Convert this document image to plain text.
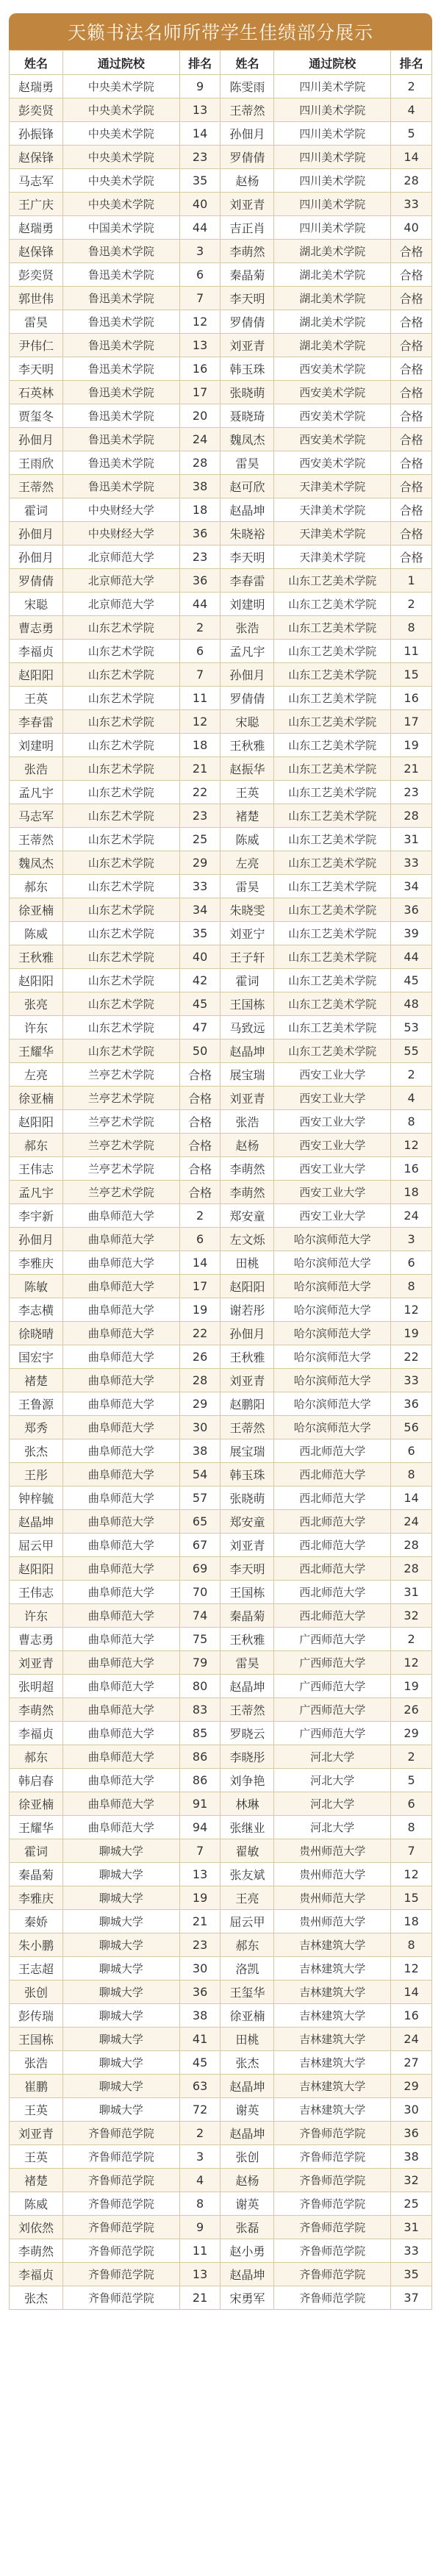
天籁书法名师所带学生佳绩部分展示
姓名	通过院校	排名	姓名	通过院校	排名
赵瑞勇	中央美术学院	9	陈雯雨	四川美术学院	2
彭奕贤	中央美术学院	13	王蒂然	四川美术学院	4
孙振锋	中央美术学院	14	孙佃月	四川美术学院	5
赵保锋	中央美术学院	23	罗倩倩	四川美术学院	14
马志军	中央美术学院	35	赵杨	四川美术学院	28
王广庆	中央美术学院	40	刘亚青	四川美术学院	33
赵瑞勇	中国美术学院	44	吉正肖	四川美术学院	40
赵保锋	鲁迅美术学院	3	李萌然	湖北美术学院	合格
彭奕贤	鲁迅美术学院	6	秦晶菊	湖北美术学院	合格
郭世伟	鲁迅美术学院	7	李天明	湖北美术学院	合格
雷昊	鲁迅美术学院	12	罗倩倩	湖北美术学院	合格
尹伟仁	鲁迅美术学院	13	刘亚青	湖北美术学院	合格
李天明	鲁迅美术学院	16	韩玉珠	西安美术学院	合格
石英林	鲁迅美术学院	17	张晓萌	西安美术学院	合格
贾玺冬	鲁迅美术学院	20	聂晓琦	西安美术学院	合格
孙佃月	鲁迅美术学院	24	魏凤杰	西安美术学院	合格
王雨欣	鲁迅美术学院	28	雷昊	西安美术学院	合格
王蒂然	鲁迅美术学院	38	赵可欣	天津美术学院	合格
霍词	中央财经大学	18	赵晶坤	天津美术学院	合格
孙佃月	中央财经大学	36	朱晓裕	天津美术学院	合格
孙佃月	北京师范大学	23	李天明	天津美术学院	合格
罗倩倩	北京师范大学	36	李春雷	山东工艺美术学院	1
宋聪	北京师范大学	44	刘建明	山东工艺美术学院	2
曹志勇	山东艺术学院	2	张浩	山东工艺美术学院	8
李福贞	山东艺术学院	6	孟凡宇	山东工艺美术学院	11
赵阳阳	山东艺术学院	7	孙佃月	山东工艺美术学院	15
王英	山东艺术学院	11	罗倩倩	山东工艺美术学院	16
李春雷	山东艺术学院	12	宋聪	山东工艺美术学院	17
刘建明	山东艺术学院	18	王秋雅	山东工艺美术学院	19
张浩	山东艺术学院	21	赵振华	山东工艺美术学院	21
孟凡宇	山东艺术学院	22	王英	山东工艺美术学院	23
马志军	山东艺术学院	23	褚楚	山东工艺美术学院	28
王蒂然	山东艺术学院	25	陈威	山东工艺美术学院	31
魏凤杰	山东艺术学院	29	左亮	山东工艺美术学院	33
郝东	山东艺术学院	33	雷昊	山东工艺美术学院	34
徐亚楠	山东艺术学院	34	朱晓雯	山东工艺美术学院	36
陈威	山东艺术学院	35	刘亚宁	山东工艺美术学院	39
王秋雅	山东艺术学院	40	王子轩	山东工艺美术学院	44
赵阳阳	山东艺术学院	42	霍词	山东工艺美术学院	45
张亮	山东艺术学院	45	王国栋	山东工艺美术学院	48
许东	山东艺术学院	47	马致远	山东工艺美术学院	53
王耀华	山东艺术学院	50	赵晶坤	山东工艺美术学院	55
左亮	兰亭艺术学院	合格	展宝瑞	西安工业大学	2
徐亚楠	兰亭艺术学院	合格	刘亚青	西安工业大学	4
赵阳阳	兰亭艺术学院	合格	张浩	西安工业大学	8
郝东	兰亭艺术学院	合格	赵杨	西安工业大学	12
王伟志	兰亭艺术学院	合格	李萌然	西安工业大学	16
孟凡宇	兰亭艺术学院	合格	李萌然	西安工业大学	18
李宇新	曲阜师范大学	2	郑安童	西安工业大学	24
孙佃月	曲阜师范大学	6	左文烁	哈尔滨师范大学	3
李雅庆	曲阜师范大学	14	田桃	哈尔滨师范大学	6
陈敏	曲阜师范大学	17	赵阳阳	哈尔滨师范大学	8
李志横	曲阜师范大学	19	谢若彤	哈尔滨师范大学	12
徐晓晴	曲阜师范大学	22	孙佃月	哈尔滨师范大学	19
国宏宇	曲阜师范大学	26	王秋雅	哈尔滨师范大学	22
褚楚	曲阜师范大学	28	刘亚青	哈尔滨师范大学	33
王鲁源	曲阜师范大学	29	赵鹏阳	哈尔滨师范大学	36
郑秀	曲阜师范大学	30	王蒂然	哈尔滨师范大学	56
张杰	曲阜师范大学	38	展宝瑞	西北师范大学	6
王彤	曲阜师范大学	54	韩玉珠	西北师范大学	8
钟梓毓	曲阜师范大学	57	张晓萌	西北师范大学	14
赵晶坤	曲阜师范大学	65	郑安童	西北师范大学	24
屈云甲	曲阜师范大学	67	刘亚青	西北师范大学	28
赵阳阳	曲阜师范大学	69	李天明	西北师范大学	28
王伟志	曲阜师范大学	70	王国栋	西北师范大学	31
许东	曲阜师范大学	74	秦晶菊	西北师范大学	32
曹志勇	曲阜师范大学	75	王秋雅	广西师范大学	2
刘亚青	曲阜师范大学	79	雷昊	广西师范大学	12
张明超	曲阜师范大学	80	赵晶坤	广西师范大学	19
李萌然	曲阜师范大学	83	王蒂然	广西师范大学	26
李福贞	曲阜师范大学	85	罗晓云	广西师范大学	29
郝东	曲阜师范大学	86	李晓彤	河北大学	2
韩启春	曲阜师范大学	86	刘争艳	河北大学	5
徐亚楠	曲阜师范大学	91	林琳	河北大学	6
王耀华	曲阜师范大学	94	张继业	河北大学	8
霍词	聊城大学	7	翟敏	贵州师范大学	7
秦晶菊	聊城大学	13	张友斌	贵州师范大学	12
李雅庆	聊城大学	19	王亮	贵州师范大学	15
秦娇	聊城大学	21	屈云甲	贵州师范大学	18
朱小鹏	聊城大学	23	郝东	吉林建筑大学	8
王志超	聊城大学	30	洛凯	吉林建筑大学	12
张创	聊城大学	36	王玺华	吉林建筑大学	14
彭传瑞	聊城大学	38	徐亚楠	吉林建筑大学	16
王国栋	聊城大学	41	田桃	吉林建筑大学	24
张浩	聊城大学	45	张杰	吉林建筑大学	27
崔鹏	聊城大学	63	赵晶坤	吉林建筑大学	29
王英	聊城大学	72	谢英	吉林建筑大学	30
刘亚青	齐鲁师范学院	2	赵晶坤	齐鲁师范学院	36
王英	齐鲁师范学院	3	张创	齐鲁师范学院	38
褚楚	齐鲁师范学院	4	赵杨	齐鲁师范学院	32
陈威	齐鲁师范学院	8	谢英	齐鲁师范学院	25
刘依然	齐鲁师范学院	9	张磊	齐鲁师范学院	31
李萌然	齐鲁师范学院	11	赵小勇	齐鲁师范学院	33
李福贞	齐鲁师范学院	13	赵晶坤	齐鲁师范学院	35
张杰	齐鲁师范学院	21	宋勇军	齐鲁师范学院	37
